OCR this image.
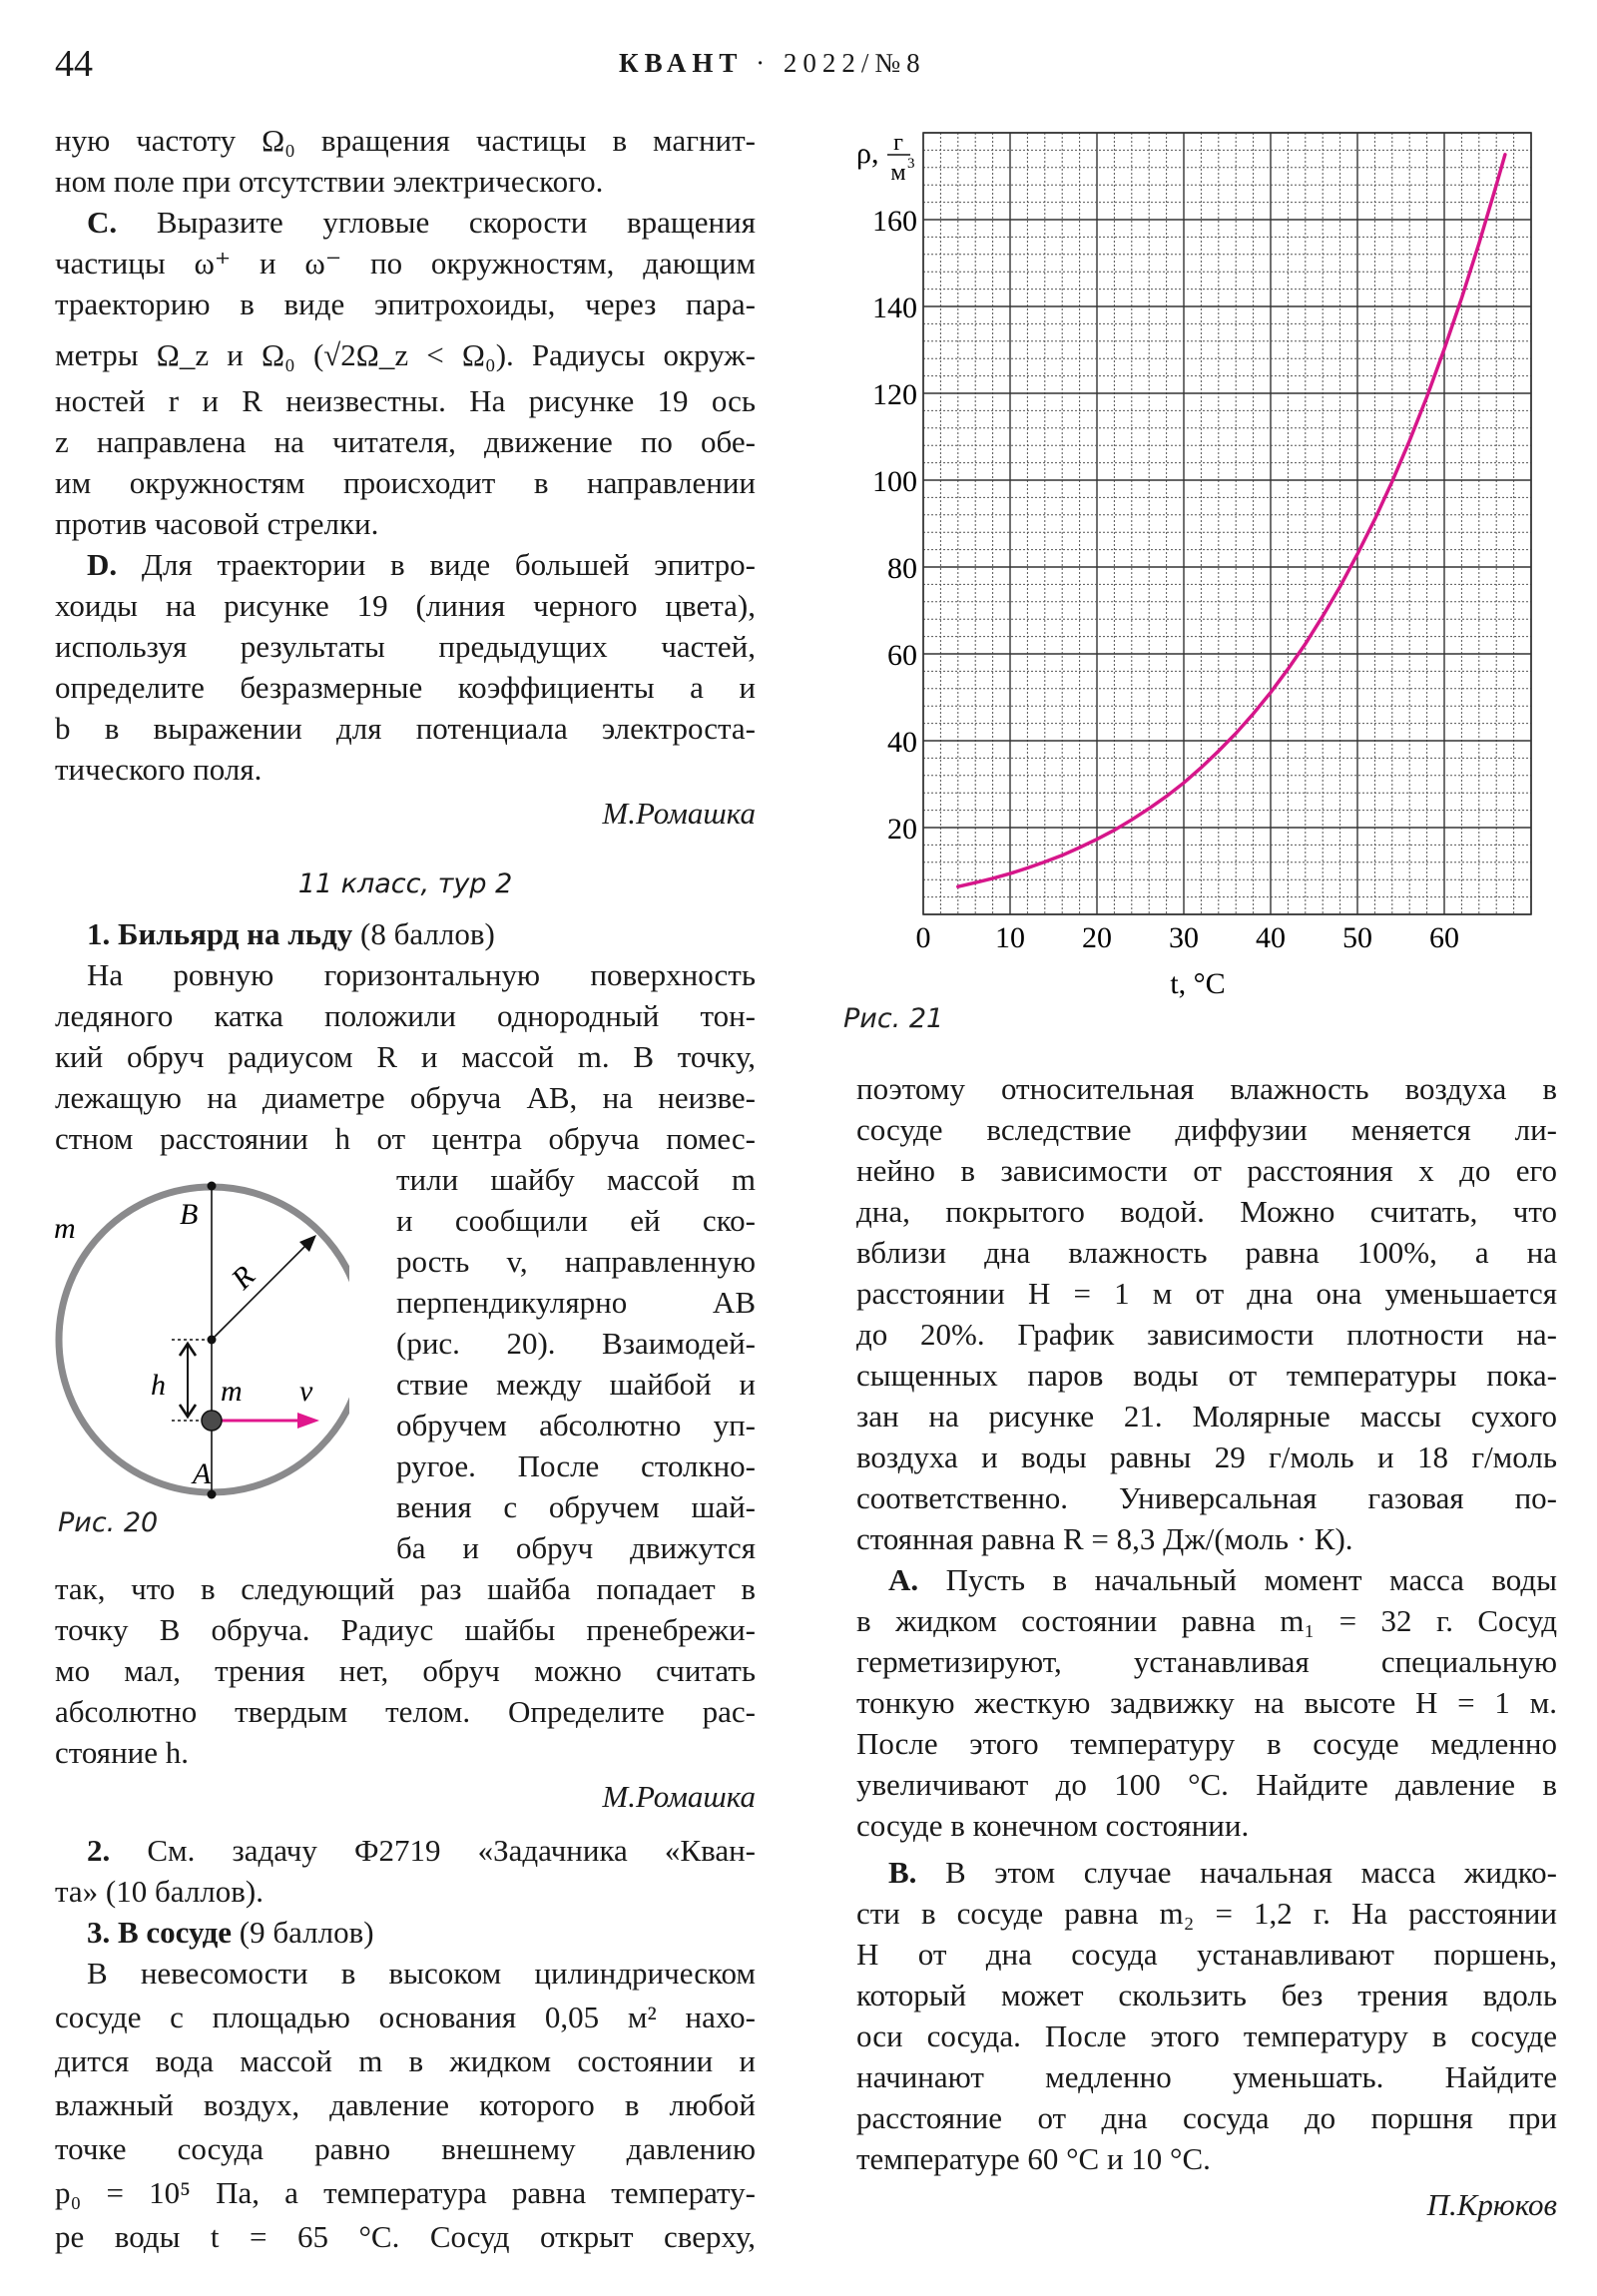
44	КВАНТ · 2022/№8
ную частоту Ω₀ вращения частицы в магнит-
ном поле при отсутствии электрического.
C. Выразите угловые скорости вращения
частицы ω⁺ и ω⁻ по окружностям, дающим
траекторию в виде эпитрохоиды, через пара-
метры Ω_z и Ω₀ (√2Ω_z < Ω₀). Радиусы окруж-
ностей r и R неизвестны. На рисунке 19 ось
z направлена на читателя, движение по обе-
им окружностям происходит в направлении
против часовой стрелки.
D. Для траектории в виде большей эпитро-
хоиды на рисунке 19 (линия черного цвета),
используя результаты предыдущих частей,
определите безразмерные коэффициенты a и
b в выражении для потенциала электроста-
тического поля.
М.Ромашка
11 класс, тур 2
1. Бильярд на льду (8 баллов)
На ровную горизонтальную поверхность
ледяного катка положили однородный тон-
кий обруч радиусом R и массой m. В точку,
лежащую на диаметре обруча AB, на неизве-
стном расстоянии h от центра обруча помес-
тили шайбу массой m
и сообщили ей ско-
рость v, направленную
перпендикулярно AB
(рис. 20). Взаимодей-
ствие между шайбой и
обручем абсолютно уп-
ругое. После столкно-
вения с обручем шай-
ба и обруч движутся
так, что в следующий раз шайба попадает в
точку B обруча. Радиус шайбы пренебрежи-
мо мал, трения нет, обруч можно считать
абсолютно твердым телом. Определите рас-
стояние h.
М.Ромашка
2. См. задачу Ф2719 «Задачника «Кван-
та» (10 баллов).
3. В сосуде (9 баллов)
В невесомости в высоком цилиндрическом
сосуде с площадью основания 0,05 м² нахо-
дится вода массой m в жидком состоянии и
влажный воздух, давление которого в любой
точке сосуда равно внешнему давлению
p₀ = 10⁵ Па, а температура равна температу-
ре воды t = 65 °C. Сосуд открыт сверху,
m	B
A
R
h m v
Рис. 20
0 10 20 30 40 50 60
20
40
60
80
100
120
140
160
ρ, г
м 3
t, °C
Рис. 21
поэтому относительная влажность воздуха в
сосуде вследствие диффузии меняется ли-
нейно в зависимости от расстояния x до его
дна, покрытого водой. Можно считать, что
вблизи дна влажность равна 100%, а на
расстоянии H = 1 м от дна она уменьшается
до 20%. График зависимости плотности на-
сыщенных паров воды от температуры пока-
зан на рисунке 21. Молярные массы сухого
воздуха и воды равны 29 г/моль и 18 г/моль
соответственно. Универсальная газовая по-
стоянная равна R = 8,3 Дж/(моль · К).
A. Пусть в начальный момент масса воды
в жидком состоянии равна m₁ = 32 г. Сосуд
герметизируют, устанавливая специальную
тонкую жесткую задвижку на высоте H = 1 м.
После этого температуру в сосуде медленно
увеличивают до 100 °C. Найдите давление в
сосуде в конечном состоянии.
B. В этом случае начальная масса жидко-
сти в сосуде равна m₂ = 1,2 г. На расстоянии
H от дна сосуда устанавливают поршень,
который может скользить без трения вдоль
оси сосуда. После этого температуру в сосуде
начинают медленно уменьшать. Найдите
расстояние от дна сосуда до поршня при
температуре 60 °C и 10 °C.
П.Крюков
